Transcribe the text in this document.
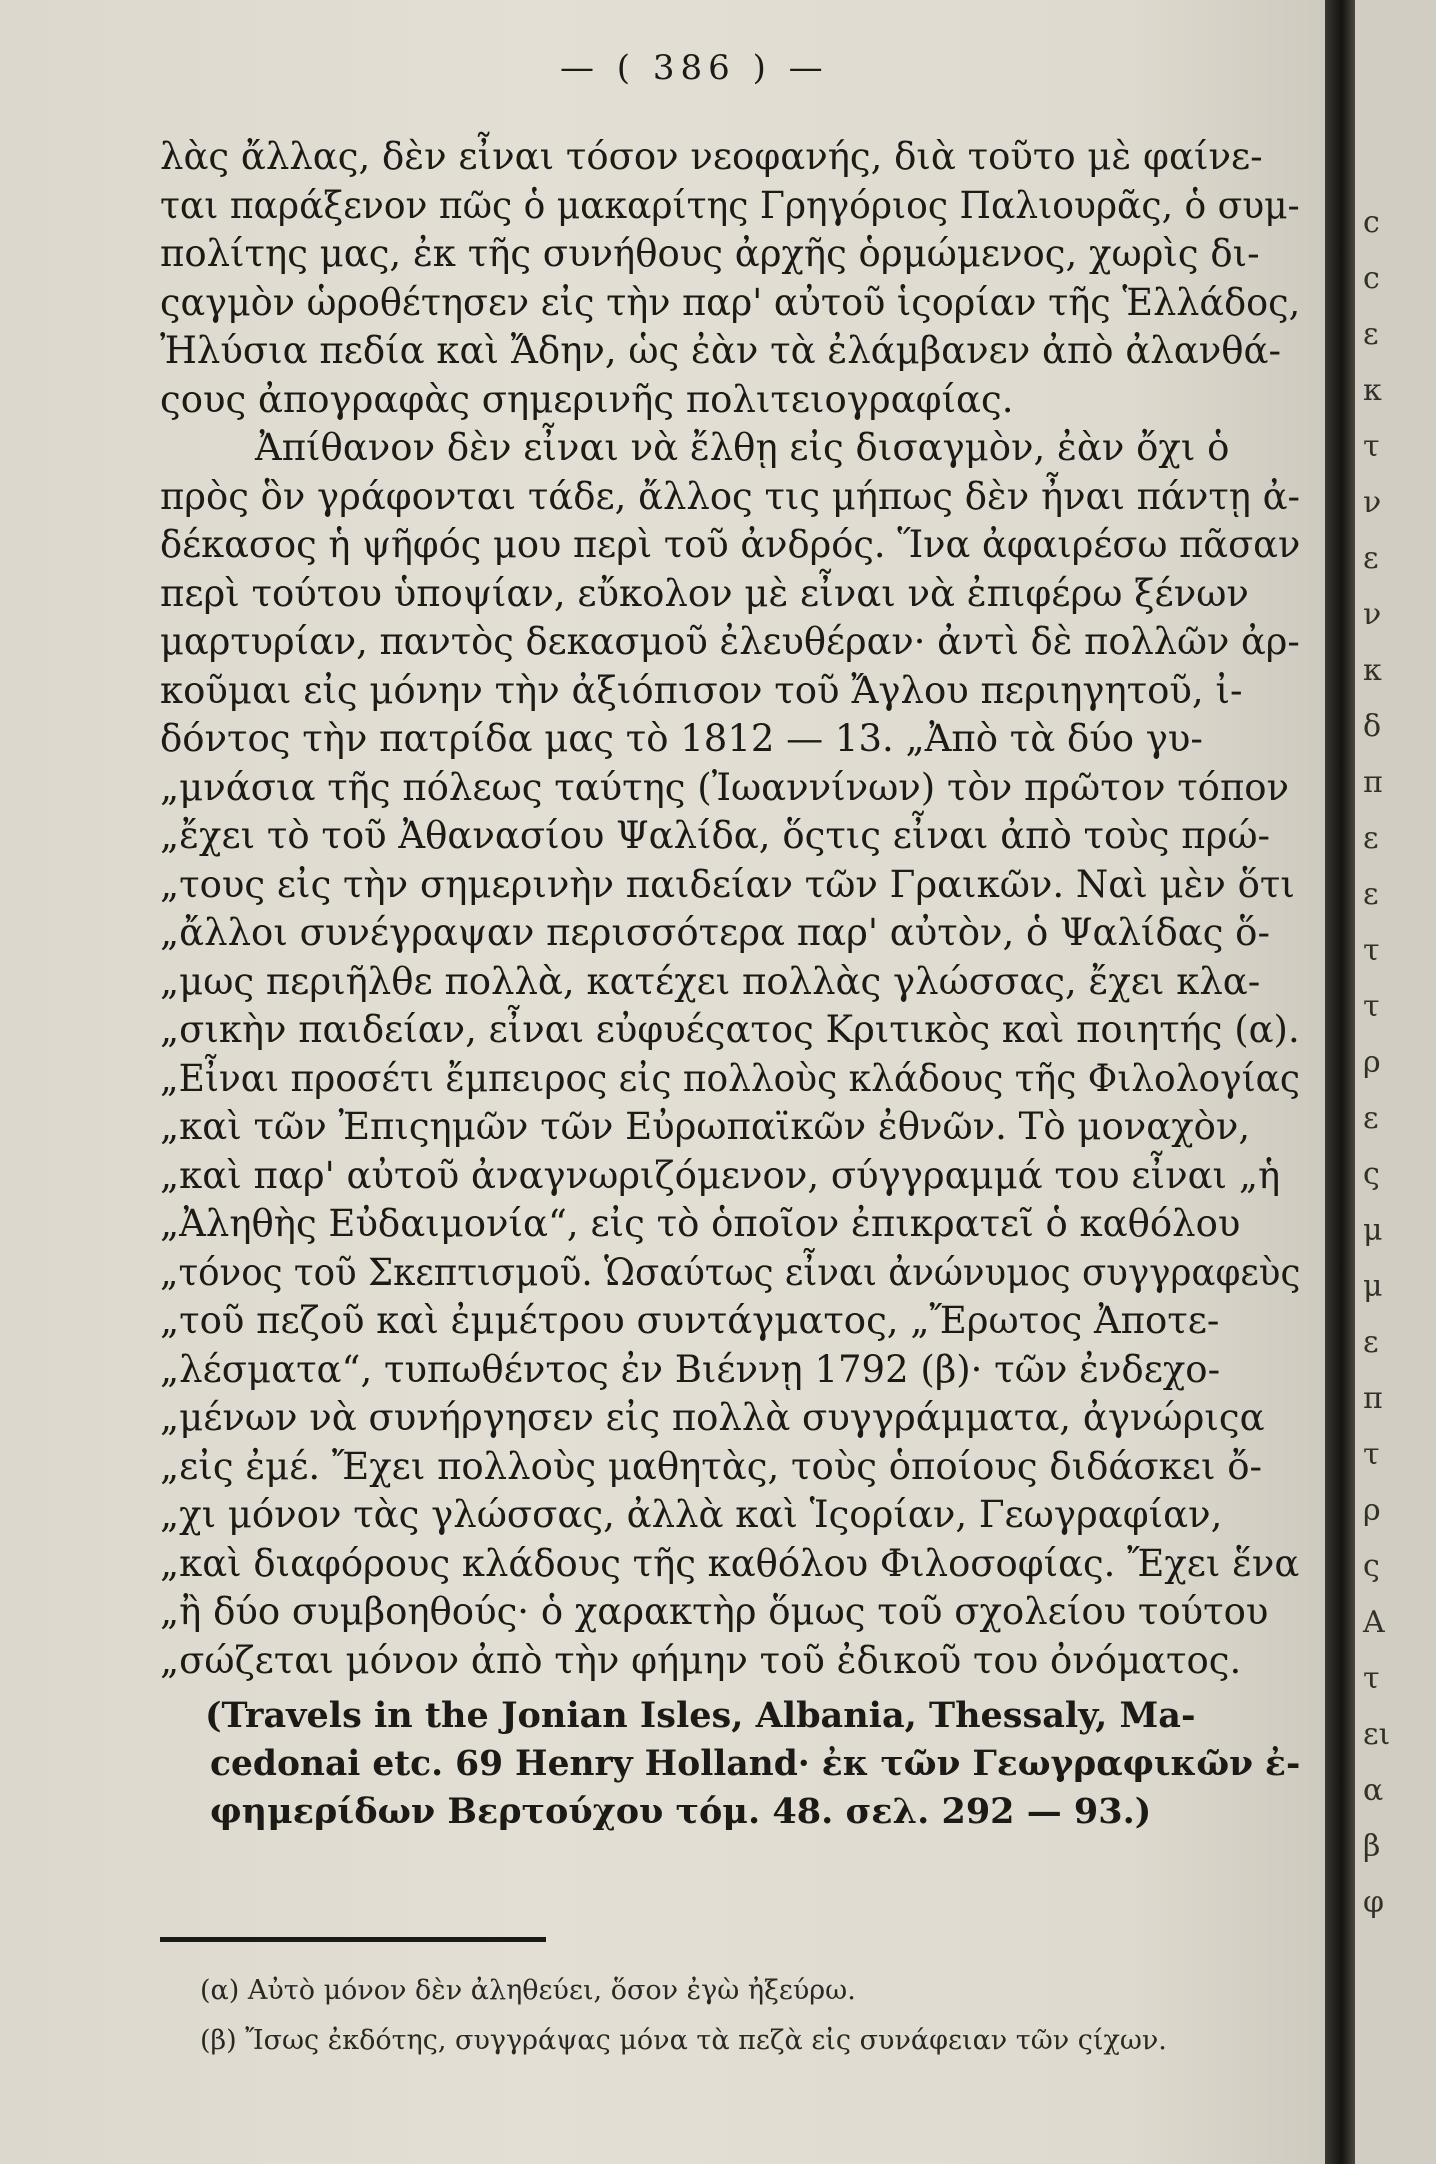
— ( 386 ) —
λὰς ἄλλας, δὲν εἶναι τόσον νεοφανής, διὰ τοῦτο μὲ φαίνε-
ται παράξενον πῶς ὁ μακαρίτης Γρηγόριος Παλιουρᾶς, ὁ συμ-
πολίτης μας, ἐκ τῆς συνήθους ἀρχῆς ὁρμώμενος, χωρὶς δι-
ςαγμὸν ὡροθέτησεν εἰς τὴν παρ' αὐτοῦ ἱςορίαν τῆς Ἑλλάδος,
Ἠλύσια πεδία καὶ Ἄδην, ὡς ἐὰν τὰ ἐλάμβανεν ἀπὸ ἀλανθά-
ςους ἀπογραφὰς σημερινῆς πολιτειογραφίας.
Ἀπίθανον δὲν εἶναι νὰ ἔλθῃ εἰς δισαγμὸν, ἐὰν ὄχι ὁ
πρὸς ὃν γράφονται τάδε, ἄλλος τις μήπως δὲν ἦναι πάντῃ ἀ-
δέκασος ἡ ψῆφός μου περὶ τοῦ ἀνδρός. Ἵνα ἀφαιρέσω πᾶσαν
περὶ τούτου ὑποψίαν, εὔκολον μὲ εἶναι νὰ ἐπιφέρω ξένων
μαρτυρίαν, παντὸς δεκασμοῦ ἐλευθέραν· ἀντὶ δὲ πολλῶν ἀρ-
κοῦμαι εἰς μόνην τὴν ἀξιόπισον τοῦ Ἄγλου περιηγητοῦ, ἰ-
δόντος τὴν πατρίδα μας τὸ 1812 — 13. „Ἀπὸ τὰ δύο γυ-
„μνάσια τῆς πόλεως ταύτης (Ἰωαννίνων) τὸν πρῶτον τόπον
„ἔχει τὸ τοῦ Ἀθανασίου Ψαλίδα, ὅςτις εἶναι ἀπὸ τοὺς πρώ-
„τους εἰς τὴν σημερινὴν παιδείαν τῶν Γραικῶν. Ναὶ μὲν ὅτι
„ἄλλοι συνέγραψαν περισσότερα παρ' αὐτὸν, ὁ Ψαλίδας ὅ-
„μως περιῆλθε πολλὰ, κατέχει πολλὰς γλώσσας, ἔχει κλα-
„σικὴν παιδείαν, εἶναι εὐφυέςατος Κριτικὸς καὶ ποιητής (α).
„Εἶναι προσέτι ἔμπειρος εἰς πολλοὺς κλάδους τῆς Φιλολογίας
„καὶ τῶν Ἐπιςημῶν τῶν Εὐρωπαϊκῶν ἐθνῶν. Τὸ μοναχὸν,
„καὶ παρ' αὐτοῦ ἀναγνωριζόμενον, σύγγραμμά του εἶναι „ἡ
„Ἀληθὴς Εὐδαιμονία“, εἰς τὸ ὁποῖον ἐπικρατεῖ ὁ καθόλου
„τόνος τοῦ Σκεπτισμοῦ. Ὡσαύτως εἶναι ἀνώνυμος συγγραφεὺς
„τοῦ πεζοῦ καὶ ἐμμέτρου συντάγματος, „Ἔρωτος Ἀποτε-
„λέσματα“, τυπωθέντος ἐν Βιέννῃ 1792 (β)· τῶν ἐνδεχο-
„μένων νὰ συνήργησεν εἰς πολλὰ συγγράμματα, ἀγνώριςα
„εἰς ἐμέ. Ἔχει πολλοὺς μαθητὰς, τοὺς ὁποίους διδάσκει ὄ-
„χι μόνον τὰς γλώσσας, ἀλλὰ καὶ Ἱςορίαν, Γεωγραφίαν,
„καὶ διαφόρους κλάδους τῆς καθόλου Φιλοσοφίας. Ἔχει ἕνα
„ἢ δύο συμβοηθούς· ὁ χαρακτὴρ ὅμως τοῦ σχολείου τούτου
„σώζεται μόνον ἀπὸ τὴν φήμην τοῦ ἐδικοῦ του ὀνόματος.
(Travels in the Jonian Isles, Albania, Thessaly, Ma-
cedonai etc. 69 Henry Holland· ἐκ τῶν Γεωγραφικῶν ἐ-
φημερίδων Βερτούχου τόμ. 48. σελ. 292 — 93.)
(α) Αὐτὸ μόνον δὲν ἀληθεύει, ὅσον ἐγὼ ἠξεύρω.
(β) Ἴσως ἐκδότης, συγγράψας μόνα τὰ πεζὰ εἰς συνάφειαν τῶν ςίχων.
c
c
ε
κ
τ
ν
ε
ν
κ
δ
π
ε
ε
τ
τ
ρ
ε
ς
μ
μ
ε
π
τ
ρ
ς
Α
τ
ει
α
β
φ
